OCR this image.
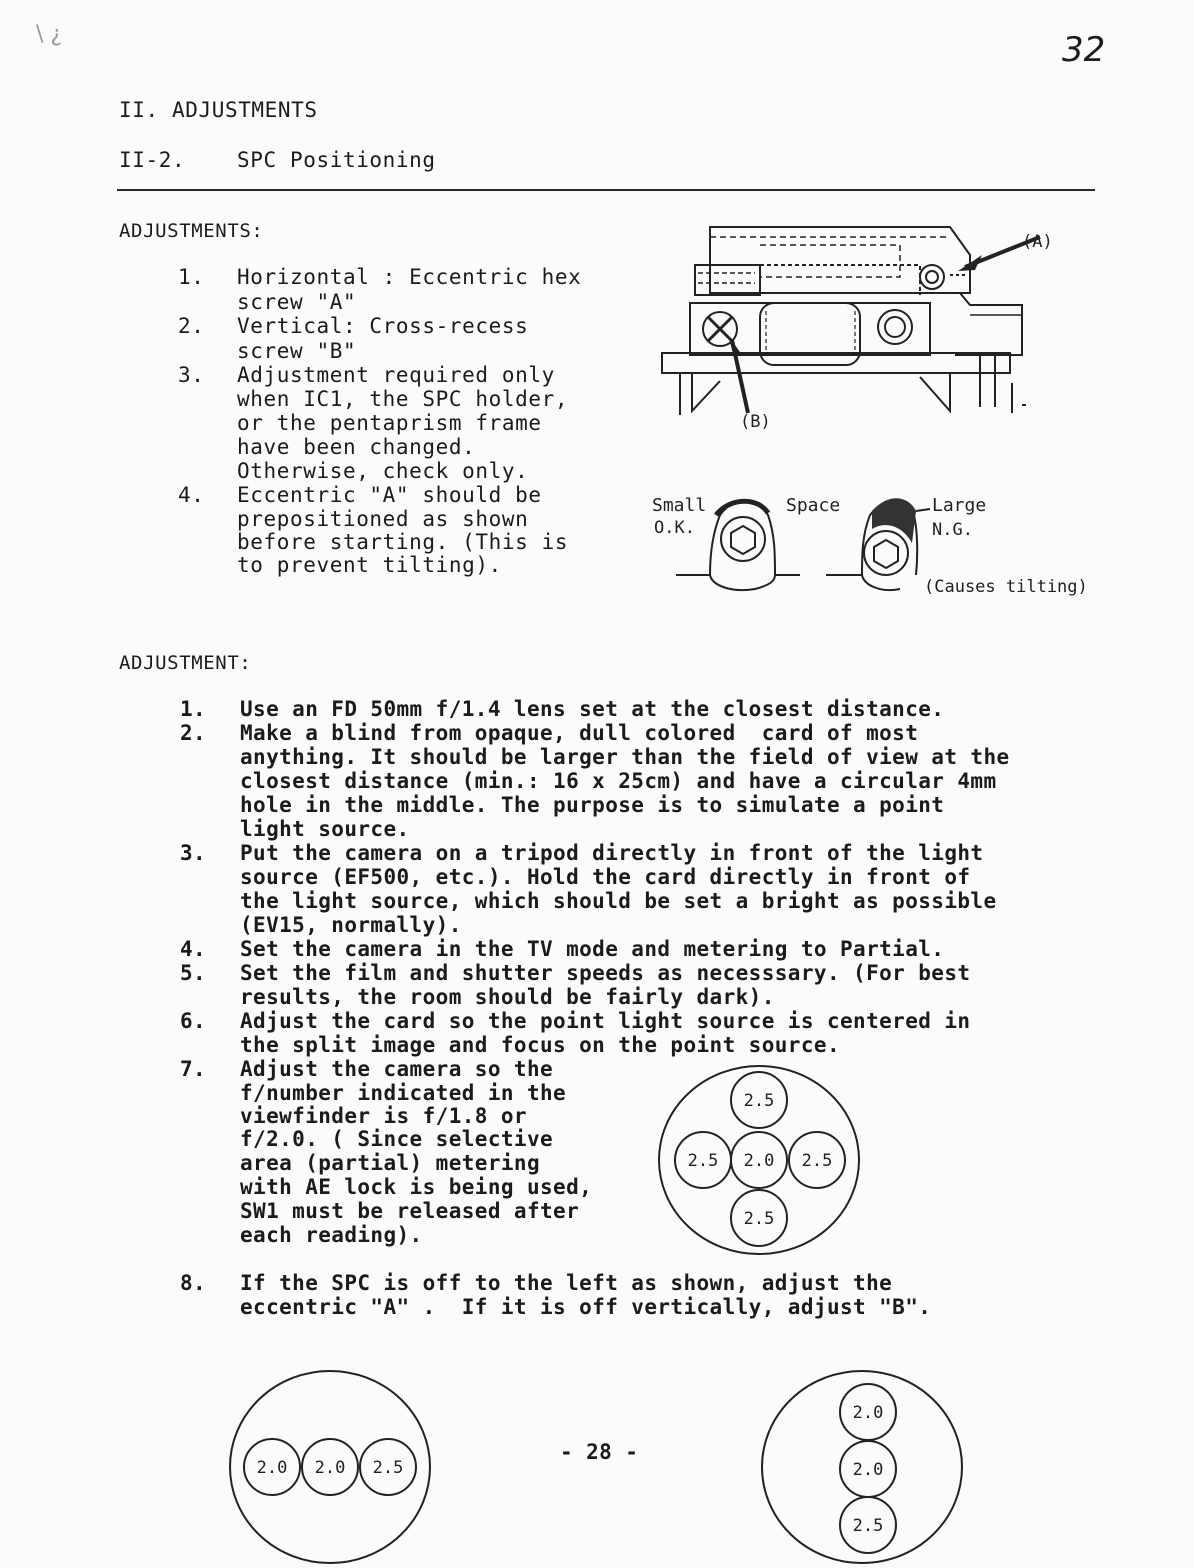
\ ¿	32
II. ADJUSTMENTS
II-2. SPC Positioning
ADJUSTMENTS:
1. Horizontal : Eccentric hex
screw "A"
2. Vertical: Cross-recess
screw "B"
3. Adjustment required only
when IC1, the SPC holder,
or the pentaprism frame
have been changed.
Otherwise, check only.
4. Eccentric "A" should be
prepositioned as shown
before starting. (This is
to prevent tilting).
(A)
(B)
Small
O.K.
Space	Large
N.G.
(Causes tilting)
ADJUSTMENT:
1. Use an FD 50mm f/1.4 lens set at the closest distance.
2. Make a blind from opaque, dull colored  card of most
anything. It should be larger than the field of view at the
closest distance (min.: 16 x 25cm) and have a circular 4mm
hole in the middle. The purpose is to simulate a point
light source.
3. Put the camera on a tripod directly in front of the light
source (EF500, etc.). Hold the card directly in front of
the light source, which should be set a bright as possible
(EV15, normally).
4. Set the camera in the TV mode and metering to Partial.
5. Set the film and shutter speeds as necesssary. (For best
results, the room should be fairly dark).
6. Adjust the card so the point light source is centered in
the split image and focus on the point source.
7. Adjust the camera so the
f/number indicated in the
viewfinder is f/1.8 or
f/2.0. ( Since selective
area (partial) metering
with AE lock is being used,
SW1 must be released after
each reading).
8. If the SPC is off to the left as shown, adjust the
eccentric "A" .  If it is off vertically, adjust "B".
2.5
2.5 2.0 2.5
2.5
2.0 2.0 2.5
- 28 -
2.0
2.0
2.5
